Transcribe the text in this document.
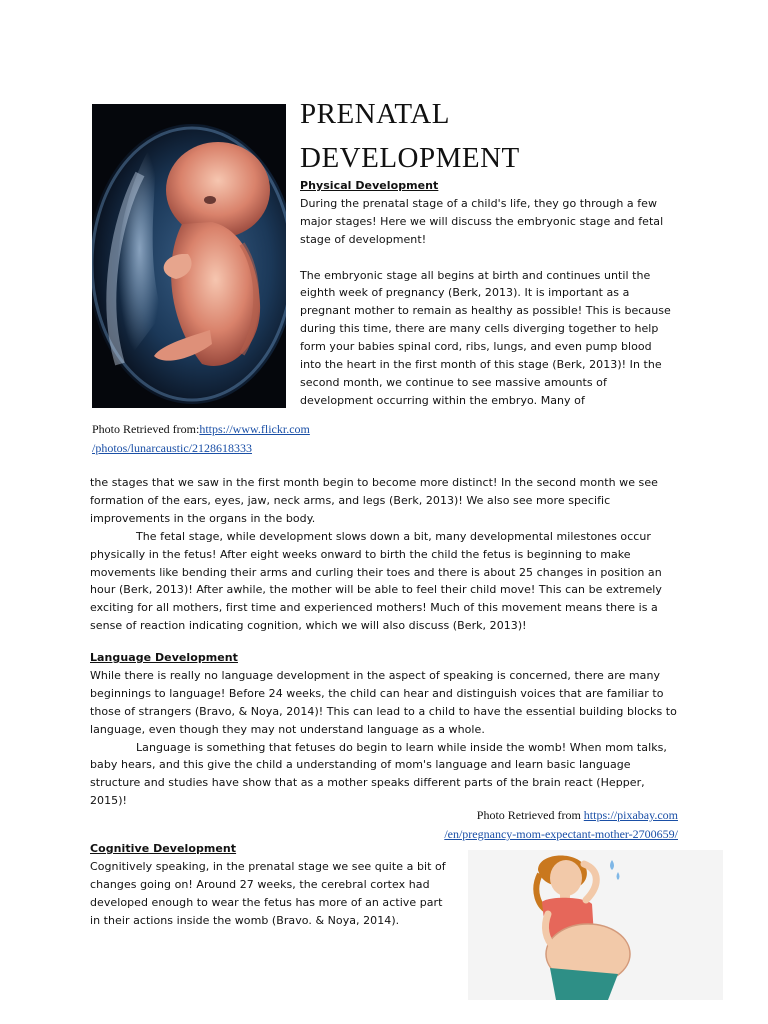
PRENATAL
DEVELOPMENT
Physical Development

During the prenatal stage of a child's life, they go through a few major stages! Here we will discuss the embryonic stage and fetal stage of development!

The embryonic stage all begins at birth and continues until the eighth week of pregnancy (Berk, 2013). It is important as a pregnant mother to remain as healthy as possible! This is because during this time, there are many cells diverging together to help form your babies spinal cord, ribs, lungs, and even pump blood into the heart in the first month of this stage (Berk, 2013)! In the second month, we continue to see massive amounts of development occurring within the embryo. Many of

Photo Retrieved from:https://www.flickr.com
/photos/lunarcaustic/2128618333

the stages that we saw in the first month begin to become more distinct! In the second month we see formation of the ears, eyes, jaw, neck arms, and legs (Berk, 2013)! We also see more specific improvements in the organs in the body.

The fetal stage, while development slows down a bit, many developmental milestones occur physically in the fetus! After eight weeks onward to birth the child the fetus is beginning to make movements like bending their arms and curling their toes and there is about 25 changes in position an hour (Berk, 2013)! After awhile, the mother will be able to feel their child move! This can be extremely exciting for all mothers, first time and experienced mothers! Much of this movement means there is a sense of reaction indicating cognition, which we will also discuss (Berk, 2013)!

Language Development

While there is really no language development in the aspect of speaking is concerned, there are many beginnings to language! Before 24 weeks, the child can hear and distinguish voices that are familiar to those of strangers (Bravo, & Noya, 2014)! This can lead to a child to have the essential building blocks to language, even though they may not understand language as a whole.

Language is something that fetuses do begin to learn while inside the womb! When mom talks, baby hears, and this give the child a understanding of mom's language and learn basic language structure and studies have show that as a mother speaks different parts of the brain react (Hepper, 2015)!

Photo Retrieved from https://pixabay.com
/en/pregnancy-mom-expectant-mother-2700659/
Cognitive Development

Cognitively speaking, in the prenatal stage we see quite a bit of changes going on! Around 27 weeks, the cerebral cortex had developed enough to wear the fetus has more of an active part in their actions inside the womb (Bravo. & Noya, 2014).
